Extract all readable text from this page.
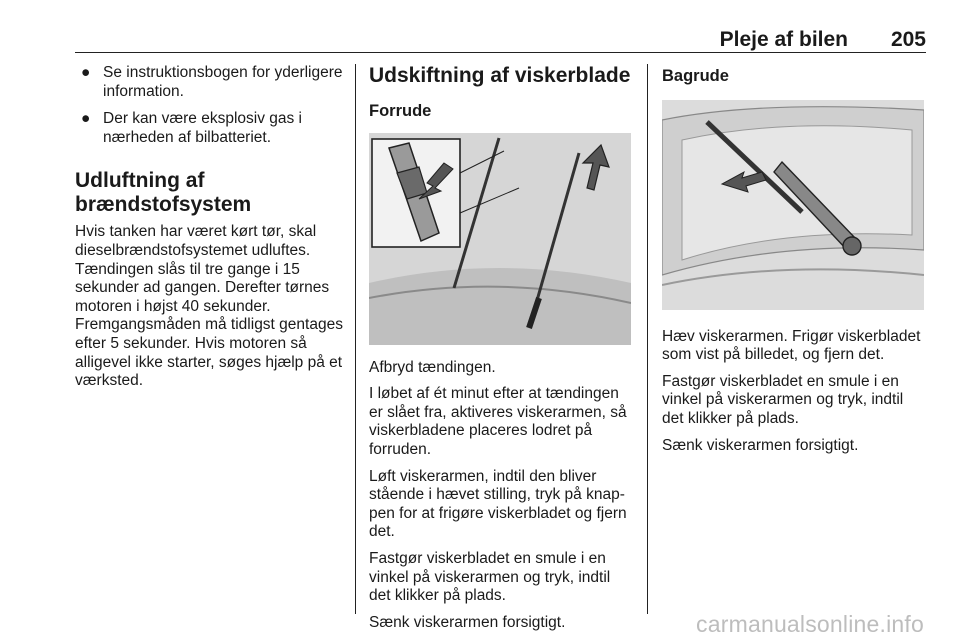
Pleje af bilen 205
● Se instruktionsbogen for yderligere information.
● Der kan være eksplosiv gas i nærheden af bilbatteriet.
Udluftning af brændstofsystem

Hvis tanken har været kørt tør, skal dieselbrændstofsystemet udluftes. Tændingen slås til tre gange i 15 sekunder ad gangen. Derefter tørnes motoren i højst 40 sekunder. Fremgangsmåden må tidligst gentages efter 5 sekunder. Hvis motoren så alligevel ikke starter, søges hjælp på et værksted.

Udskiftning af viskerblade
Forrude

Afbryd tændingen.

I løbet af ét minut efter at tændingen er slået fra, aktiveres viskerarmen, så viskerbladene placeres lodret på forruden.

Løft viskerarmen, indtil den bliver stående i hævet stilling, tryk på knappen for at frigøre viskerbladet og fjern det.

Fastgør viskerbladet en smule i en vinkel på viskerarmen og tryk, indtil det klikker på plads.

Sænk viskerarmen forsigtigt.

Bagrude

Hæv viskerarmen. Frigør viskerbladet som vist på billedet, og fjern det.

Fastgør viskerbladet en smule i en vinkel på viskerarmen og tryk, indtil det klikker på plads.

Sænk viskerarmen forsigtigt.

carmanualsonline.info
